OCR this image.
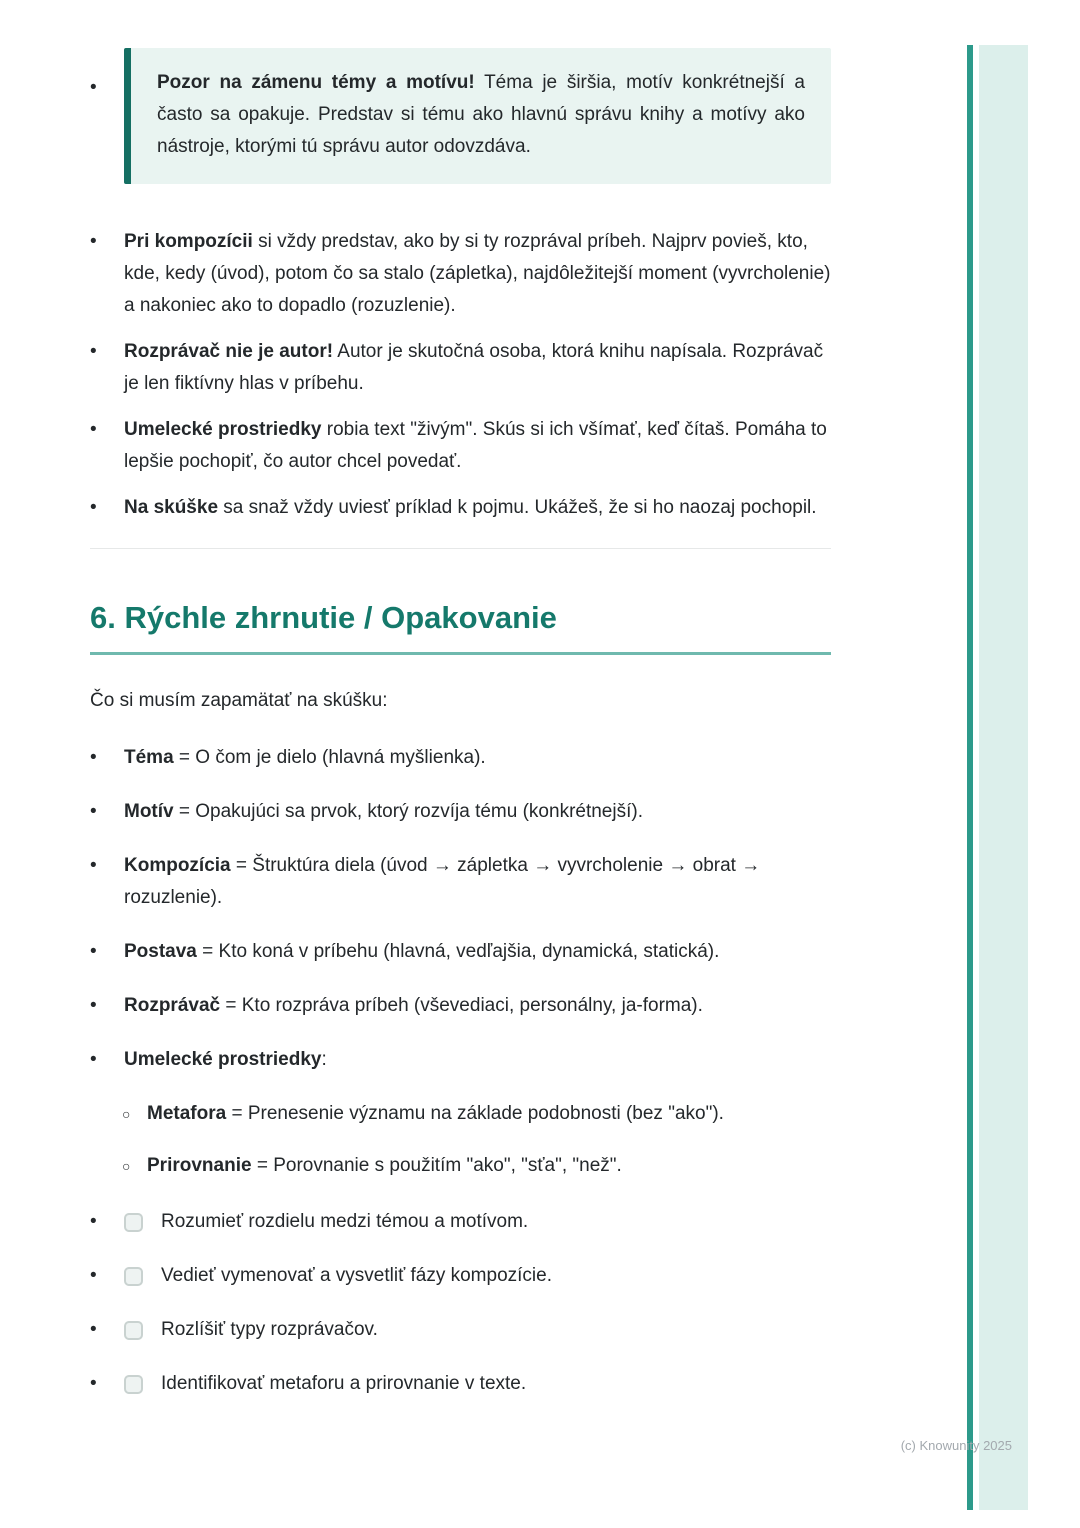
•	Pozor na zámenu témy a motívu! Téma je širšia, motív konkrétnejší a často sa opakuje. Predstav si tému ako hlavnú správu knihy a motívy ako nástroje, ktorými tú správu autor odovzdáva.
•	Pri kompozícii si vždy predstav, ako by si ty rozprával príbeh. Najprv povieš, kto, kde, kedy (úvod), potom čo sa stalo (zápletka), najdôležitejší moment (vyvrcholenie) a nakoniec ako to dopadlo (rozuzlenie).
•	Rozprávač nie je autor! Autor je skutočná osoba, ktorá knihu napísala. Rozprávač je len fiktívny hlas v príbehu.
•	Umelecké prostriedky robia text "živým". Skús si ich všímať, keď čítaš. Pomáha to lepšie pochopiť, čo autor chcel povedať.
•	Na skúške sa snaž vždy uviesť príklad k pojmu. Ukážeš, že si ho naozaj pochopil.
6. Rýchle zhrnutie / Opakovanie

Čo si musím zapamätať na skúšku:

•	Téma = O čom je dielo (hlavná myšlienka).
•	Motív = Opakujúci sa prvok, ktorý rozvíja tému (konkrétnejší).
•	Kompozícia = Štruktúra diela (úvod → zápletka → vyvrcholenie → obrat → rozuzlenie).
•	Postava = Kto koná v príbehu (hlavná, vedľajšia, dynamická, statická).
•	Rozprávač = Kto rozpráva príbeh (vševediaci, personálny, ja-forma).
•	Umelecké prostriedky:
○ Metafora = Prenesenie významu na základe podobnosti (bez "ako").
○ Prirovnanie = Porovnanie s použitím "ako", "sťa", "než".
•	Rozumieť rozdielu medzi témou a motívom.
•	Vedieť vymenovať a vysvetliť fázy kompozície.
•	Rozlíšiť typy rozprávačov.
•	Identifikovať metaforu a prirovnanie v texte.
(c) Knowunity 2025
